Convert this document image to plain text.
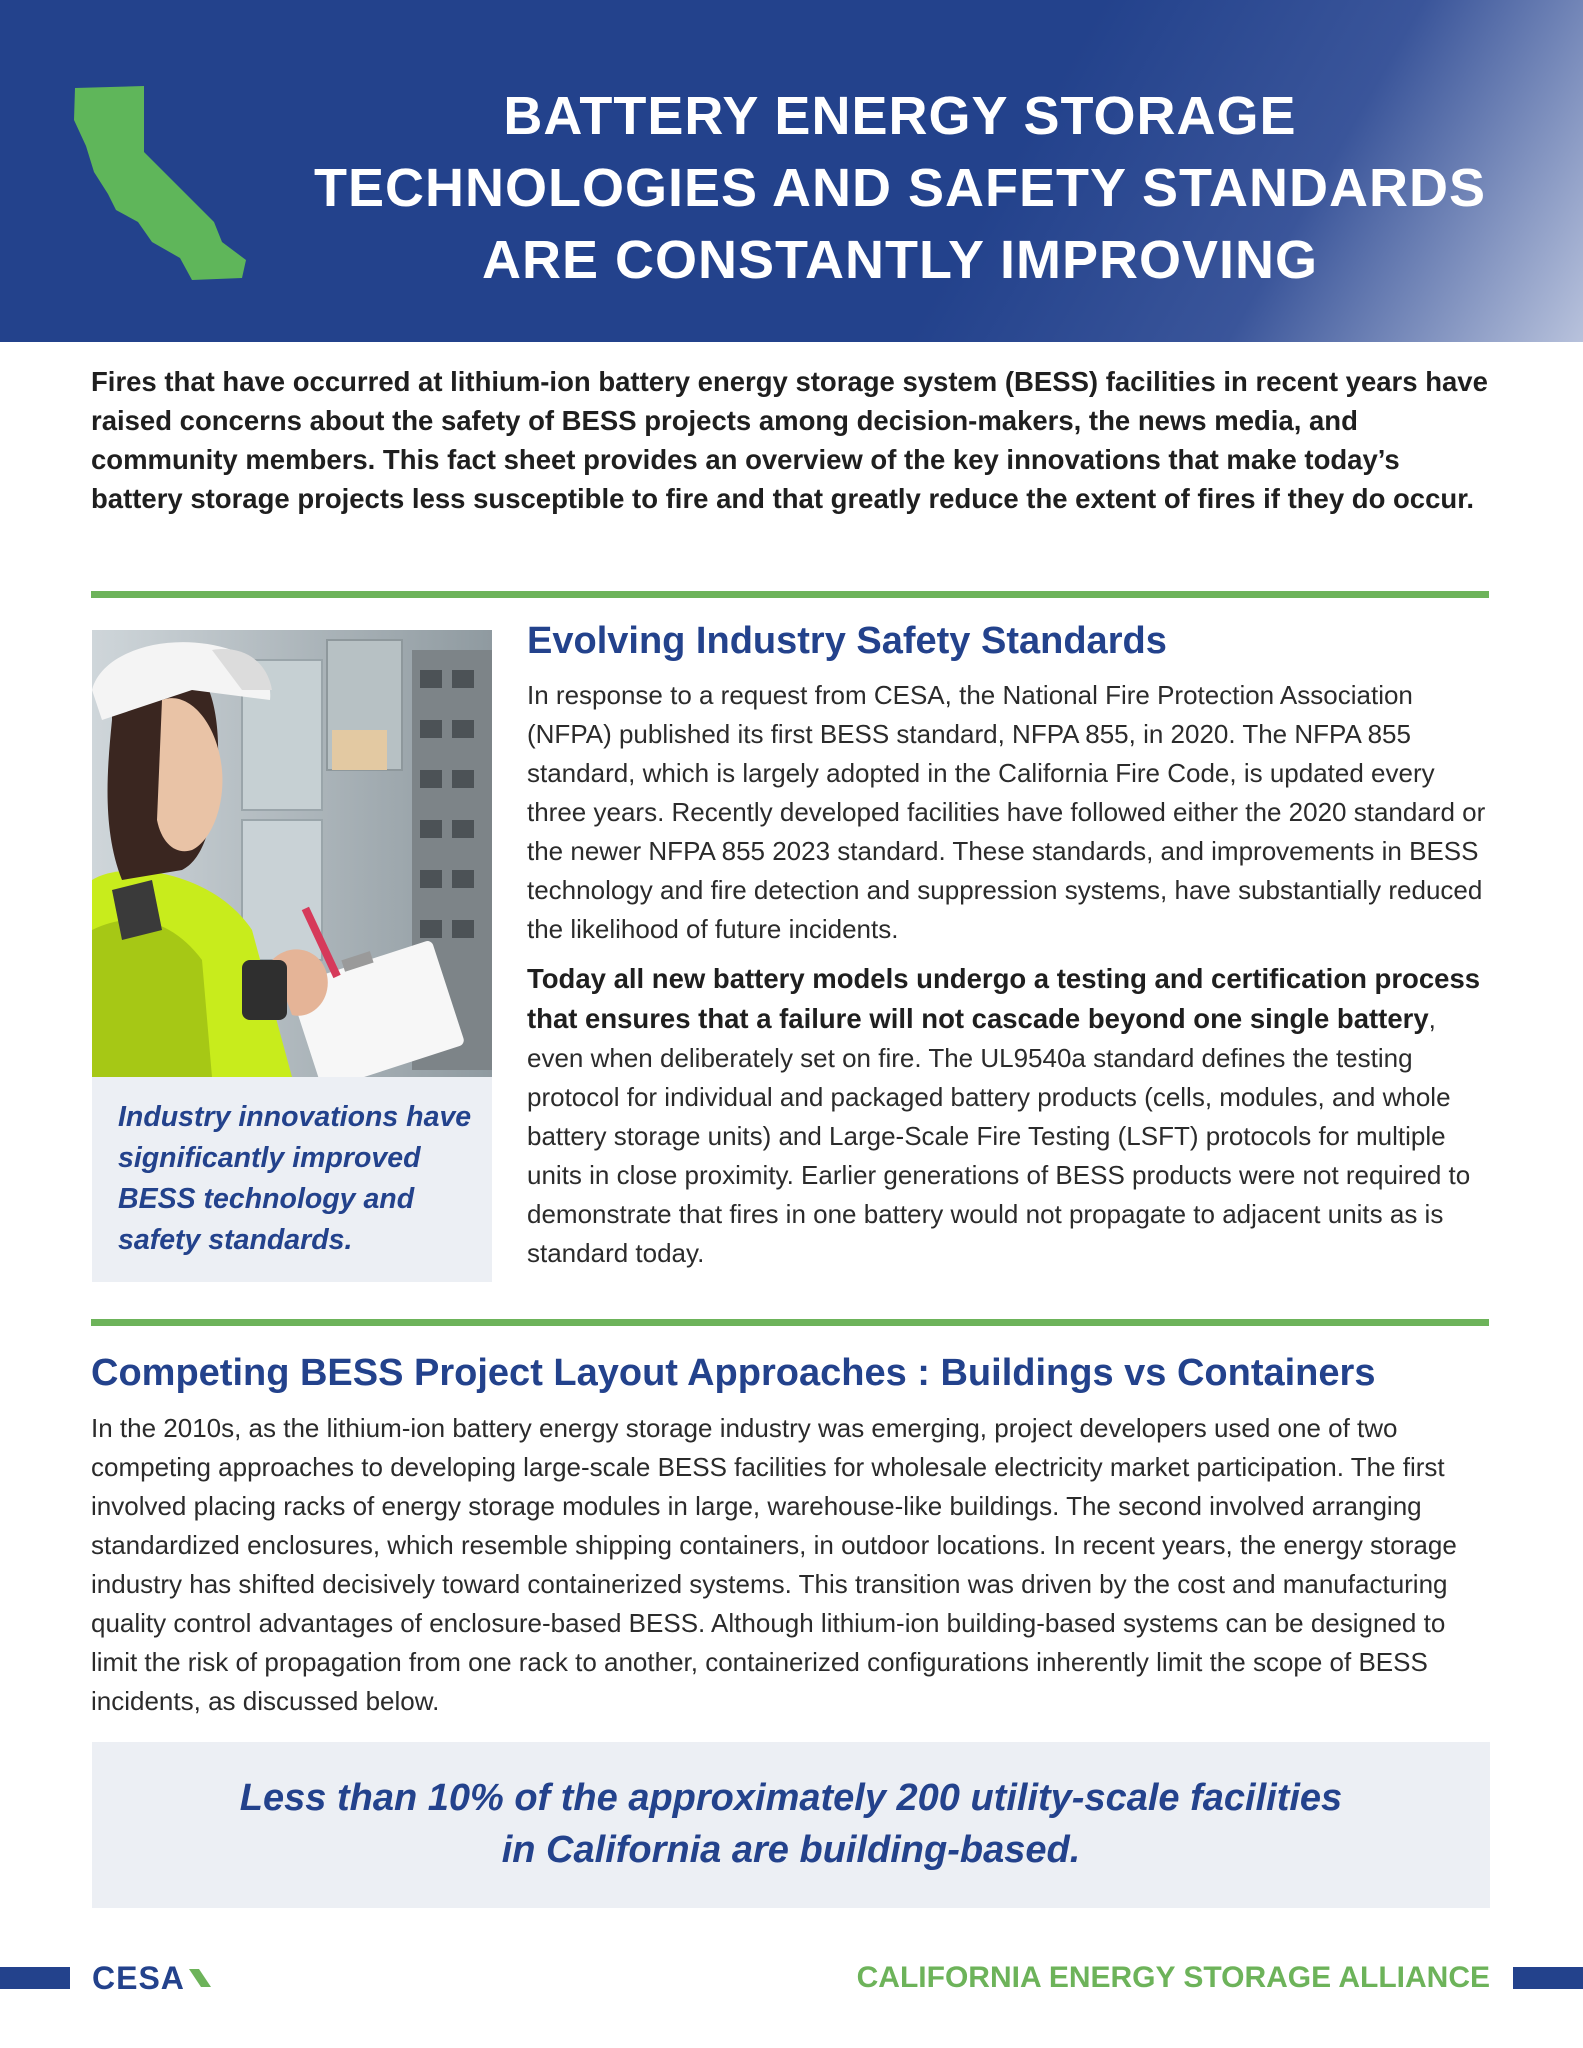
BATTERY ENERGY STORAGE
TECHNOLOGIES AND SAFETY STANDARDS
ARE CONSTANTLY IMPROVING

Fires that have occurred at lithium-ion battery energy storage system (BESS) facilities in recent years have raised concerns about the safety of BESS projects among decision-makers, the news media, and community members. This fact sheet provides an overview of the key innovations that make today’s battery storage projects less susceptible to fire and that greatly reduce the extent of fires if they do occur.

Industry innovations have significantly improved BESS technology and safety standards.

Evolving Industry Safety Standards

In response to a request from CESA, the National Fire Protection Association (NFPA) published its first BESS standard, NFPA 855, in 2020. The NFPA 855 standard, which is largely adopted in the California Fire Code, is updated every three years. Recently developed facilities have followed either the 2020 standard or the newer NFPA 855 2023 standard. These standards, and improvements in BESS technology and fire detection and suppression systems, have substantially reduced the likelihood of future incidents.

Today all new battery models undergo a testing and certification process that ensures that a failure will not cascade beyond one single battery, even when deliberately set on fire. The UL9540a standard defines the testing protocol for individual and packaged battery products (cells, modules, and whole battery storage units) and Large-Scale Fire Testing (LSFT) protocols for multiple units in close proximity. Earlier generations of BESS products were not required to demonstrate that fires in one battery would not propagate to adjacent units as is standard today.

Competing BESS Project Layout Approaches : Buildings vs Containers

In the 2010s, as the lithium-ion battery energy storage industry was emerging, project developers used one of two competing approaches to developing large-scale BESS facilities for wholesale electricity market participation. The first involved placing racks of energy storage modules in large, warehouse-like buildings. The second involved arranging standardized enclosures, which resemble shipping containers, in outdoor locations. In recent years, the energy storage industry has shifted decisively toward containerized systems. This transition was driven by the cost and manufacturing quality control advantages of enclosure-based BESS. Although lithium-ion building-based systems can be designed to limit the risk of propagation from one rack to another, containerized configurations inherently limit the scope of BESS incidents, as discussed below.

Less than 10% of the approximately 200 utility-scale facilities
in California are building-based.

CESA	CALIFORNIA ENERGY STORAGE ALLIANCE
